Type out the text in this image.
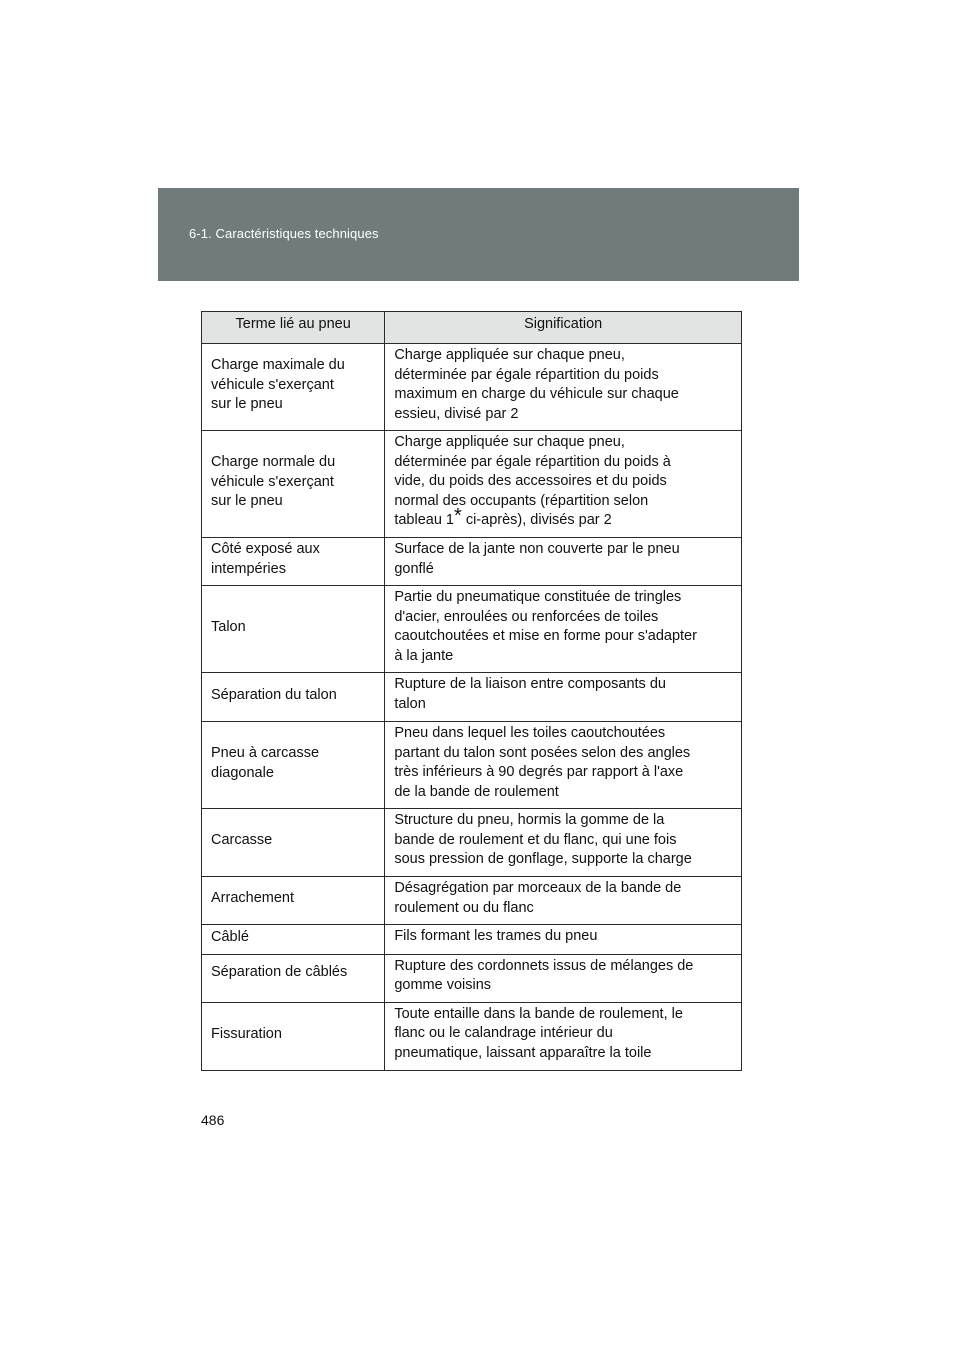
6-1. Caractéristiques techniques
Terme lié au pneu	Signification

Charge maximale du
véhicule s'exerçant
sur le pneu	Charge appliquée sur chaque pneu,
déterminée par égale répartition du poids
maximum en charge du véhicule sur chaque
essieu, divisé par 2

Charge normale du
véhicule s'exerçant
sur le pneu	Charge appliquée sur chaque pneu,
déterminée par égale répartition du poids à
vide, du poids des accessoires et du poids
normal des occupants (répartition selon
tableau 1* ci-après), divisés par 2

Côté exposé aux
intempéries	Surface de la jante non couverte par le pneu
gonflé

Talon	Partie du pneumatique constituée de tringles
d'acier, enroulées ou renforcées de toiles
caoutchoutées et mise en forme pour s'adapter
à la jante

Séparation du talon	Rupture de la liaison entre composants du
talon

Pneu à carcasse
diagonale	Pneu dans lequel les toiles caoutchoutées
partant du talon sont posées selon des angles
très inférieurs à 90 degrés par rapport à l'axe
de la bande de roulement

Carcasse	Structure du pneu, hormis la gomme de la
bande de roulement et du flanc, qui une fois
sous pression de gonflage, supporte la charge

Arrachement	Désagrégation par morceaux de la bande de
roulement ou du flanc

Câblé	Fils formant les trames du pneu

Séparation de câblés	Rupture des cordonnets issus de mélanges de
gomme voisins

Fissuration	Toute entaille dans la bande de roulement, le
flanc ou le calandrage intérieur du
pneumatique, laissant apparaître la toile
486
